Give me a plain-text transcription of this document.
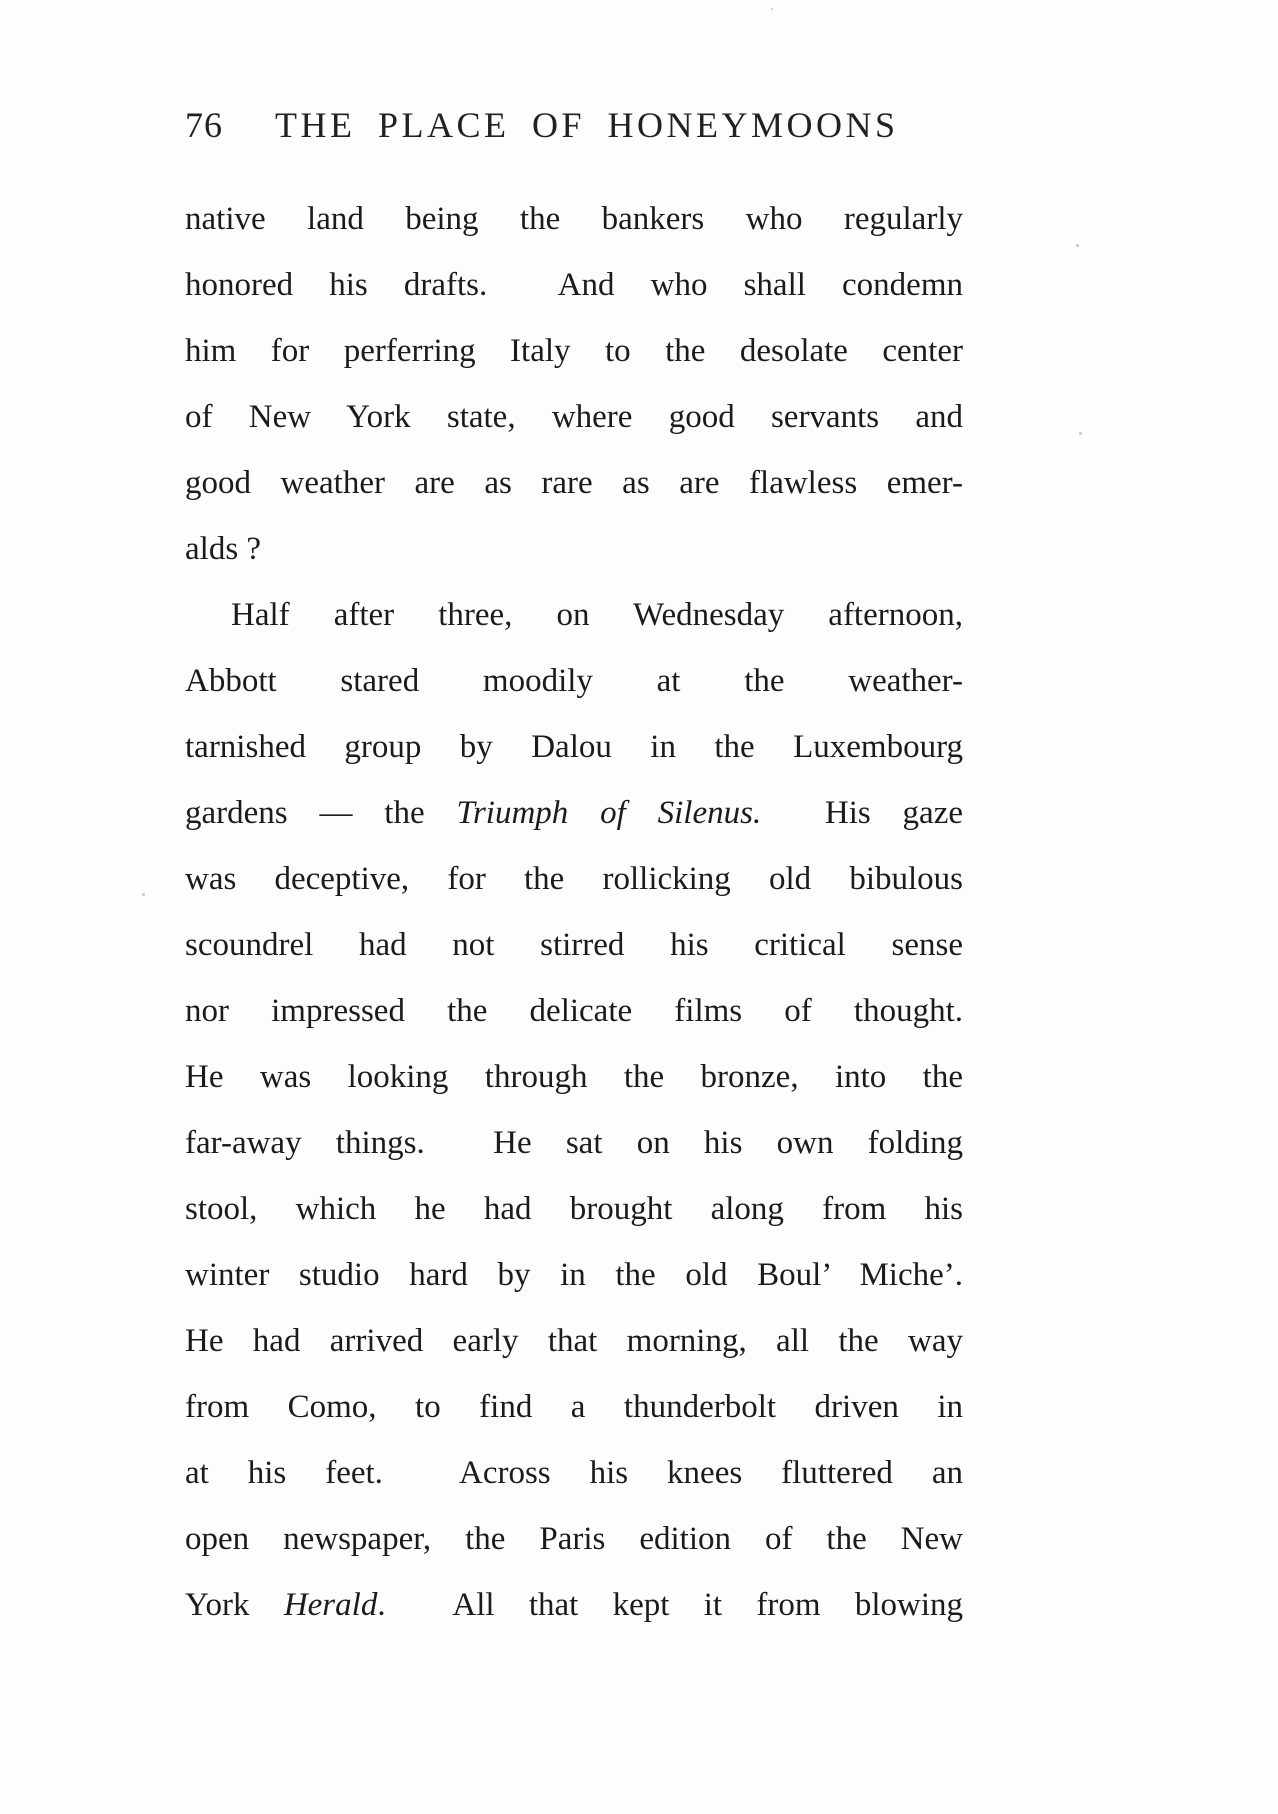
76 THE PLACE OF HONEYMOONS
native land being the bankers who regularly
honored his drafts.  And who shall condemn
him for perferring Italy to the desolate center
of New York state, where good servants and
good weather are as rare as are flawless emer-
alds ?
Half after three, on Wednesday afternoon,
Abbott stared moodily at the weather-
tarnished group by Dalou in the Luxembourg
gardens — the Triumph of Silenus.  His gaze
was deceptive, for the rollicking old bibulous
scoundrel had not stirred his critical sense
nor impressed the delicate films of thought.
He was looking through the bronze, into the
far-away things.  He sat on his own folding
stool, which he had brought along from his
winter studio hard by in the old Boul’ Miche’.
He had arrived early that morning, all the way
from Como, to find a thunderbolt driven in
at his feet.  Across his knees fluttered an
open newspaper, the Paris edition of the New
York Herald.  All that kept it from blowing
